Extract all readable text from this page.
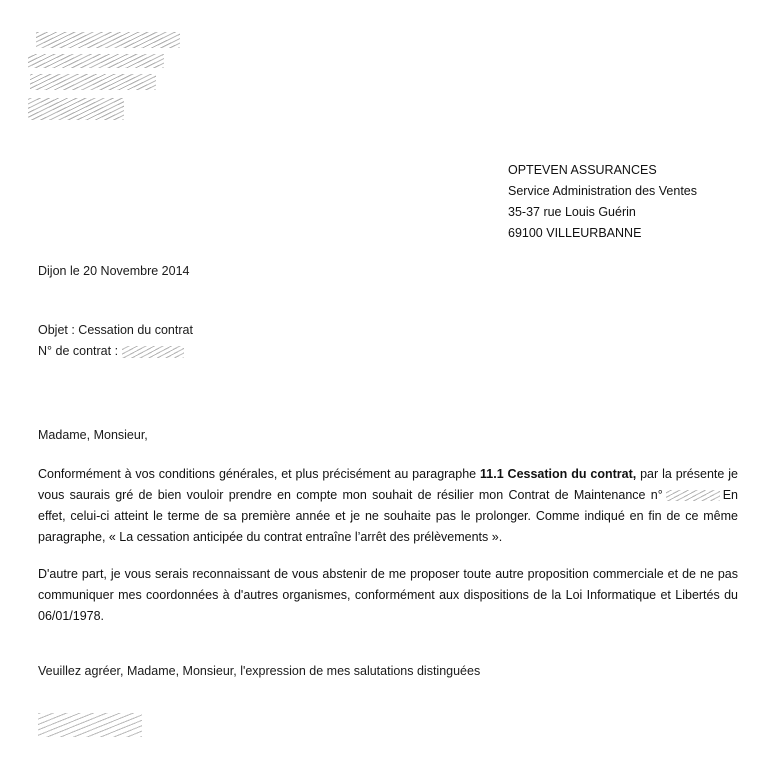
OPTEVEN ASSURANCES
Service Administration des Ventes
35-37 rue Louis Guérin
69100 VILLEURBANNE
Dijon le 20 Novembre 2014
Objet : Cessation du contrat
N° de contrat :
Madame, Monsieur,

Conformément à vos conditions générales, et plus précisément au paragraphe 11.1 Cessation du contrat, par la présente je vous saurais gré de bien vouloir prendre en compte mon souhait de résilier mon Contrat de Maintenance n°	En effet, celui-ci atteint le terme de sa première année et je ne souhaite pas le prolonger. Comme indiqué en fin de ce même paragraphe, « La cessation anticipée du contrat entraîne l’arrêt des prélèvements ».

D'autre part, je vous serais reconnaissant de vous abstenir de me proposer toute autre proposition commerciale et de ne pas communiquer mes coordonnées à d'autres organismes, conformément aux dispositions de la Loi Informatique et Libertés du 06/01/1978.

Veuillez agréer, Madame, Monsieur, l'expression de mes salutations distinguées
